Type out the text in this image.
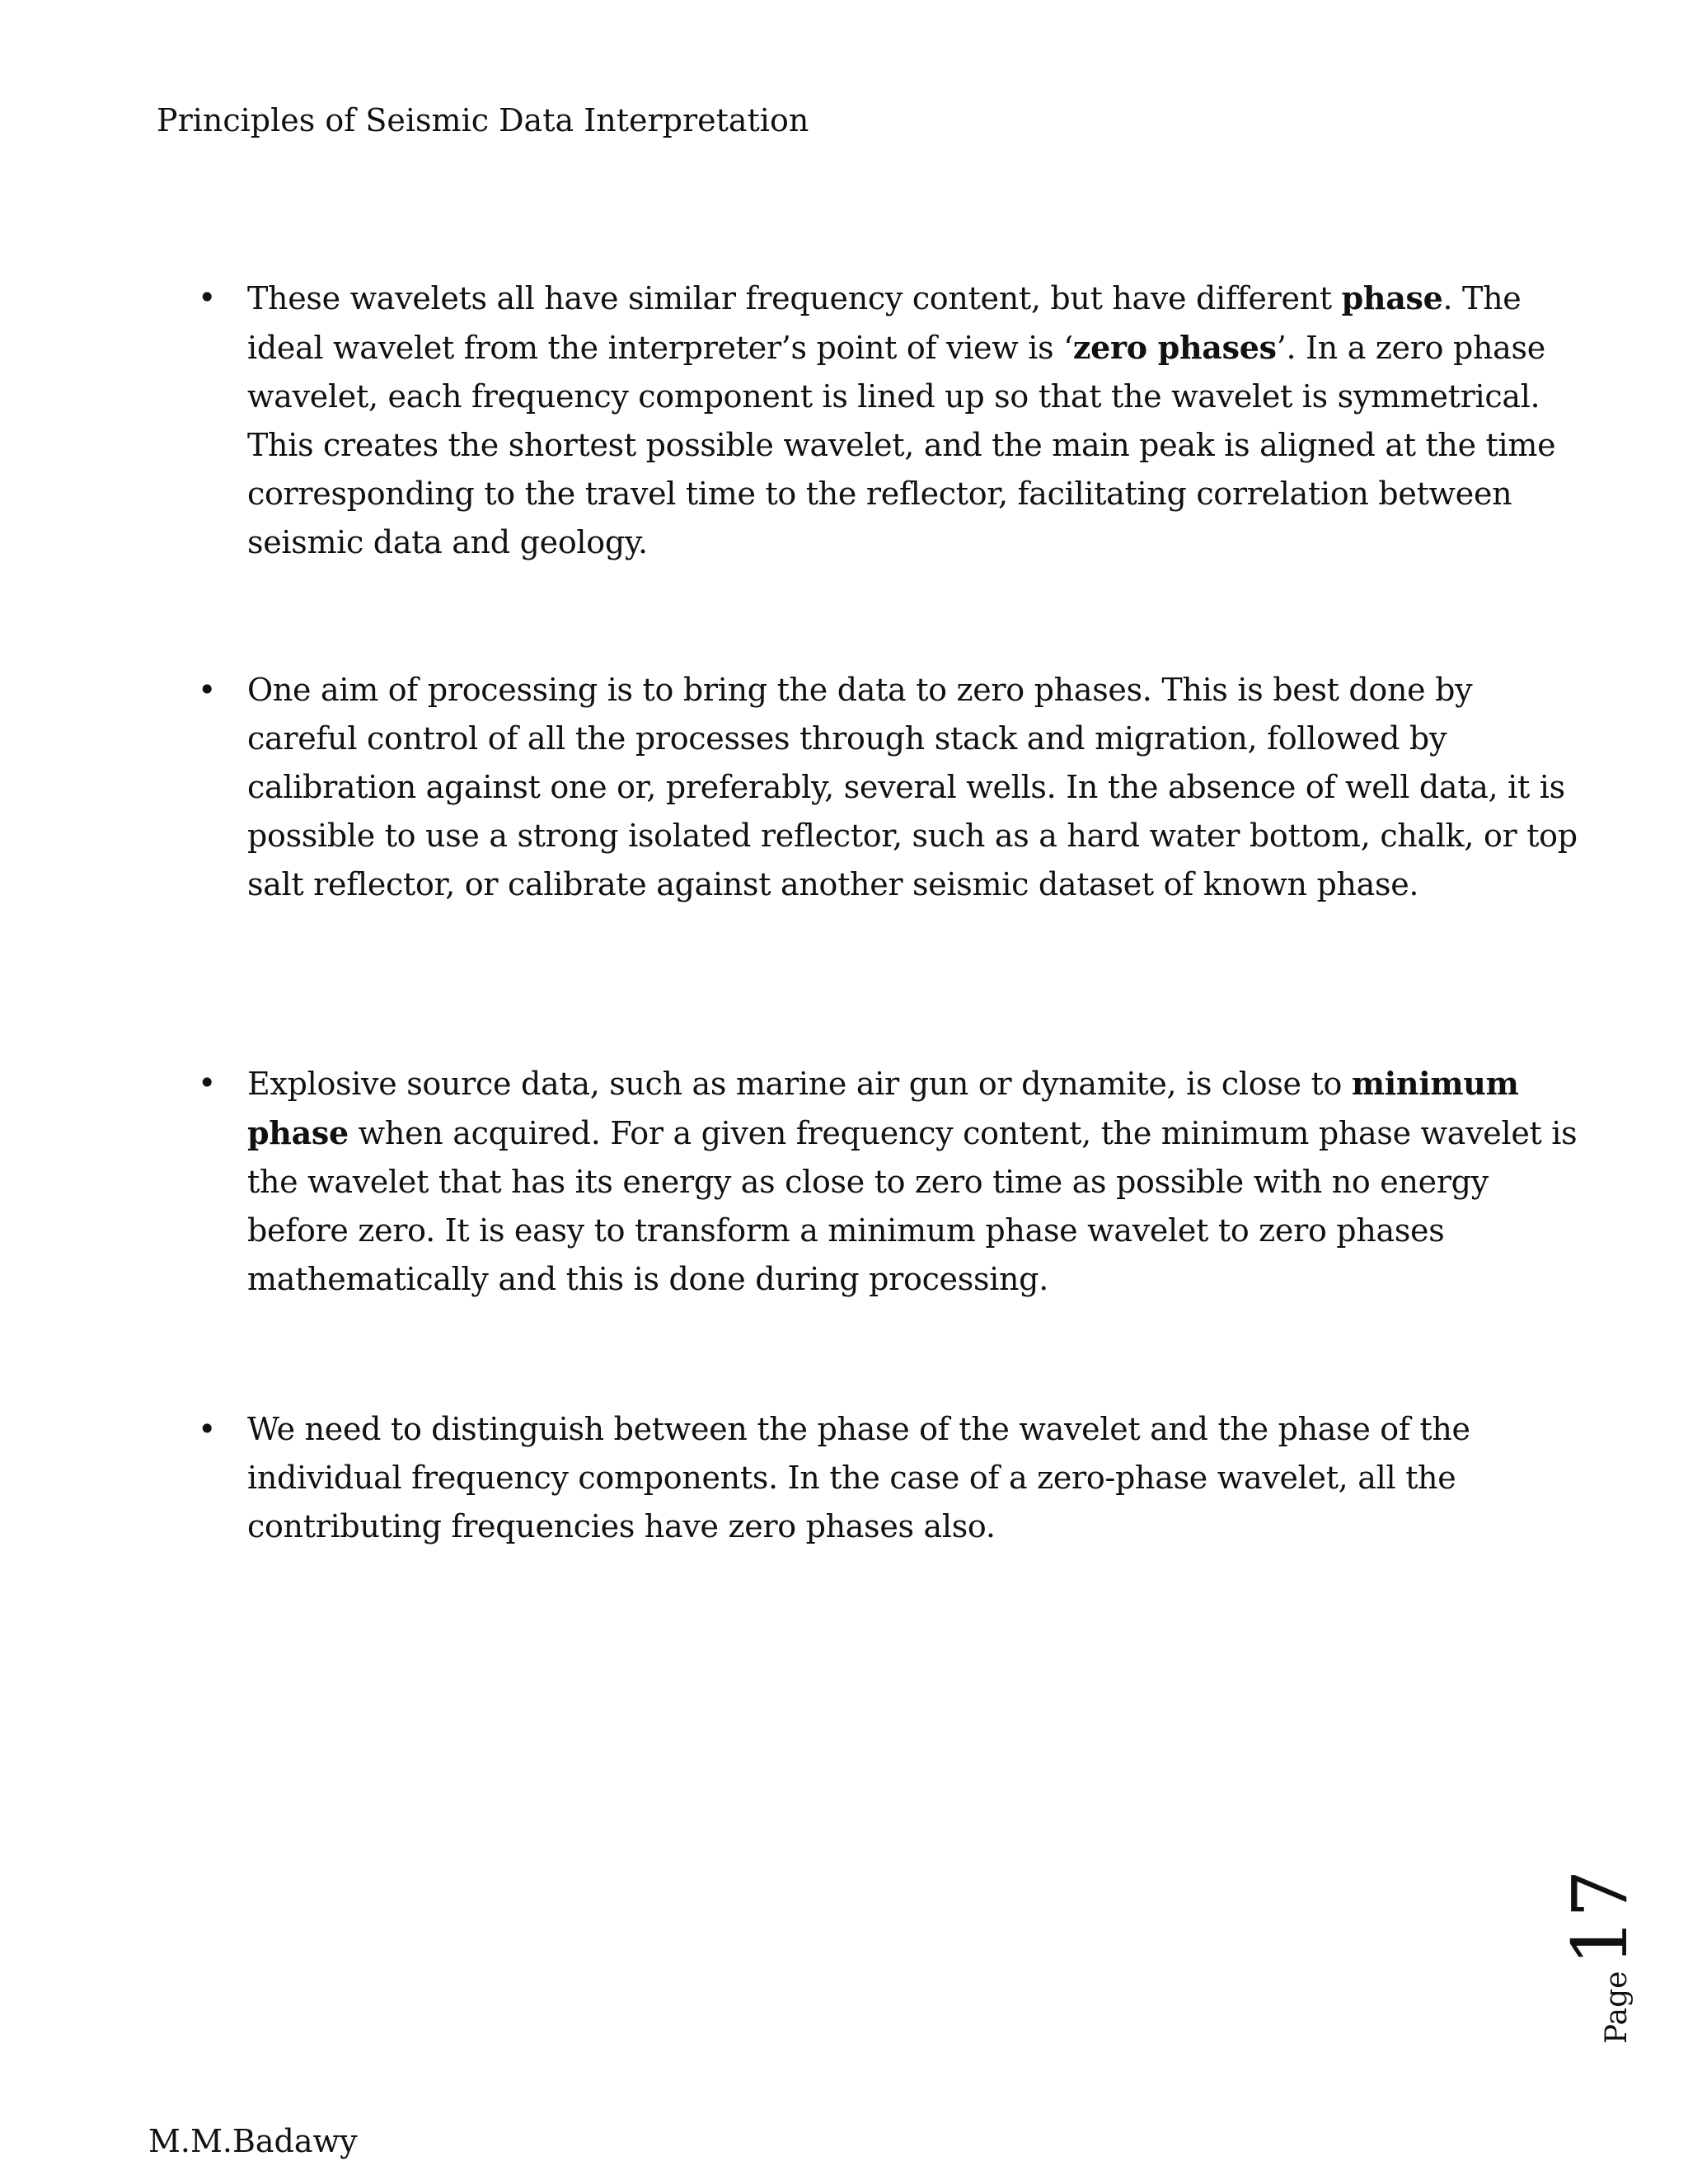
Principles of Seismic Data Interpretation
• These wavelets all have similar frequency content, but have different phase. The
ideal wavelet from the interpreter’s point of view is ‘zero phases’. In a zero phase
wavelet, each frequency component is lined up so that the wavelet is symmetrical.
This creates the shortest possible wavelet, and the main peak is aligned at the time
corresponding to the travel time to the reflector, facilitating correlation between
seismic data and geology.
• One aim of processing is to bring the data to zero phases. This is best done by
careful control of all the processes through stack and migration, followed by
calibration against one or, preferably, several wells. In the absence of well data, it is
possible to use a strong isolated reflector, such as a hard water bottom, chalk, or top
salt reflector, or calibrate against another seismic dataset of known phase.
• Explosive source data, such as marine air gun or dynamite, is close to minimum
phase when acquired. For a given frequency content, the minimum phase wavelet is
the wavelet that has its energy as close to zero time as possible with no energy
before zero. It is easy to transform a minimum phase wavelet to zero phases
mathematically and this is done during processing.
• We need to distinguish between the phase of the wavelet and the phase of the
individual frequency components. In the case of a zero-phase wavelet, all the
contributing frequencies have zero phases also.
Page
17
M.M.Badawy
